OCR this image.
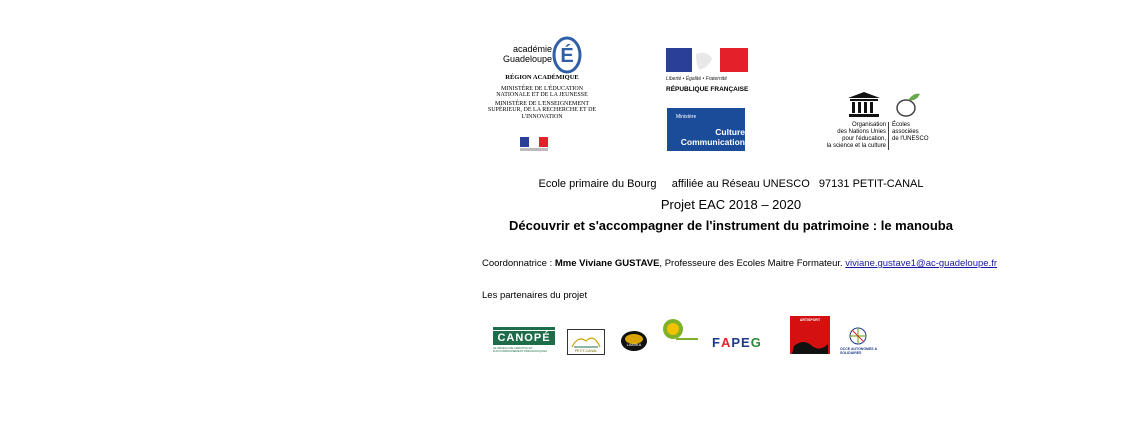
académie
Guadeloupe É
RÉGION ACADÉMIQUE
MINISTÈRE DE L'ÉDUCATION NATIONALE ET DE LA JEUNESSE
MINISTÈRE DE L'ENSEIGNEMENT SUPÉRIEUR, DE LA RECHERCHE ET DE L'INNOVATION
Liberté • Égalité • Fraternité
RÉPUBLIQUE FRANÇAISE
Ministère
Culture
Communication
Organisation
des Nations Unies
pour l'éducation,
la science et la culture
Écoles
associées
de l'UNESCO
Ecole primaire du Bourg     affiliée au Réseau UNESCO   97131 PETIT-CANAL
Projet EAC 2018 – 2020
Découvrir et s'accompagner de l'instrument du patrimoine : le manouba
Coordonnatrice : Mme Viviane GUSTAVE, Professeure des Ecoles Maitre Formateur. viviane.gustave1@ac-guadeloupe.fr
Les partenaires du projet
CANOPÉ
LE RÉSEAU DE CRÉATION ET D'ACCOMPAGNEMENT PÉDAGOGIQUES	PETIT-CANAL
LAMIKA	FAPEG
ARTISPORT
OCCE AUTONOMES & SOLIDAIRES
